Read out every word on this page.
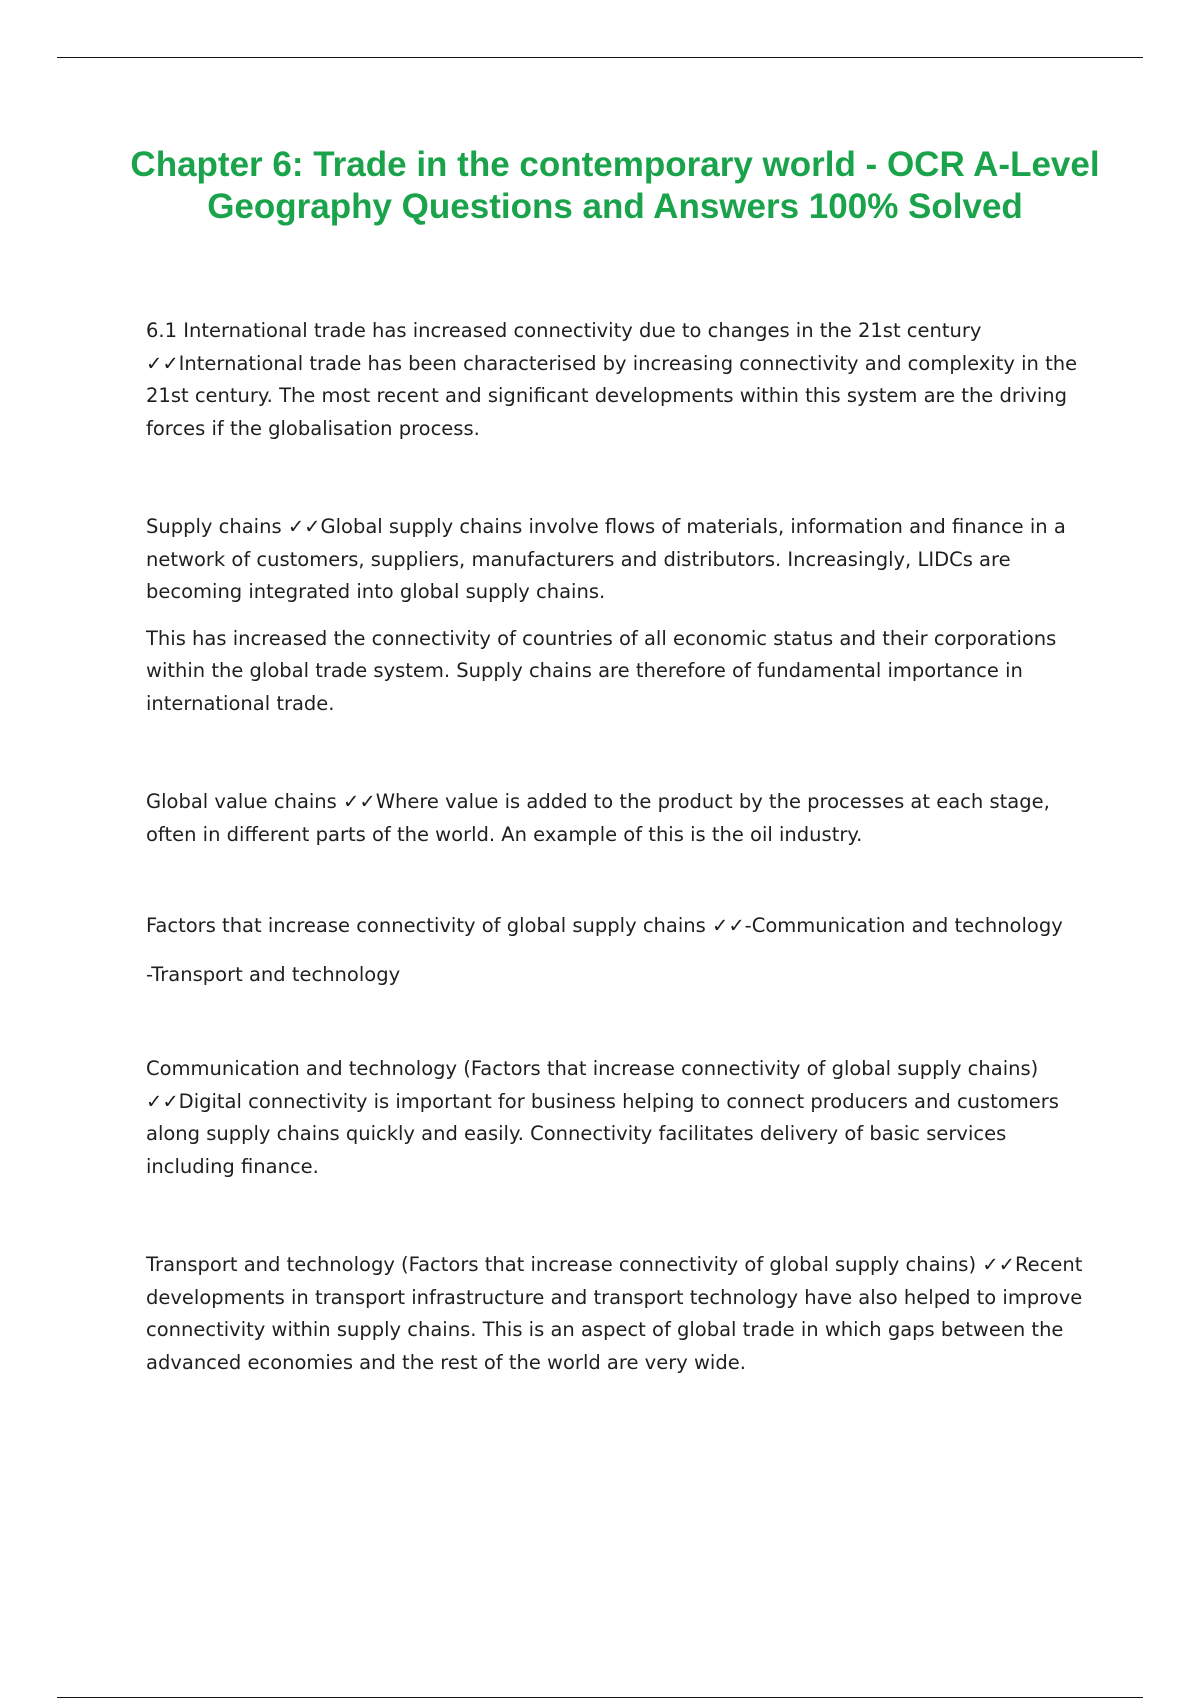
Chapter 6: Trade in the contemporary world - OCR A-Level Geography Questions and Answers 100% Solved

6.1 International trade has increased connectivity due to changes in the 21st century ✓✓International trade has been characterised by increasing connectivity and complexity in the 21st century. The most recent and significant developments within this system are the driving forces if the globalisation process.

Supply chains ✓✓Global supply chains involve flows of materials, information and finance in a network of customers, suppliers, manufacturers and distributors. Increasingly, LIDCs are becoming integrated into global supply chains.

This has increased the connectivity of countries of all economic status and their corporations within the global trade system. Supply chains are therefore of fundamental importance in international trade.

Global value chains ✓✓Where value is added to the product by the processes at each stage, often in different parts of the world. An example of this is the oil industry.

Factors that increase connectivity of global supply chains ✓✓-Communication and technology

-Transport and technology

Communication and technology (Factors that increase connectivity of global supply chains) ✓✓Digital connectivity is important for business helping to connect producers and customers along supply chains quickly and easily. Connectivity facilitates delivery of basic services including finance.

Transport and technology (Factors that increase connectivity of global supply chains) ✓✓Recent developments in transport infrastructure and transport technology have also helped to improve connectivity within supply chains. This is an aspect of global trade in which gaps between the advanced economies and the rest of the world are very wide.
